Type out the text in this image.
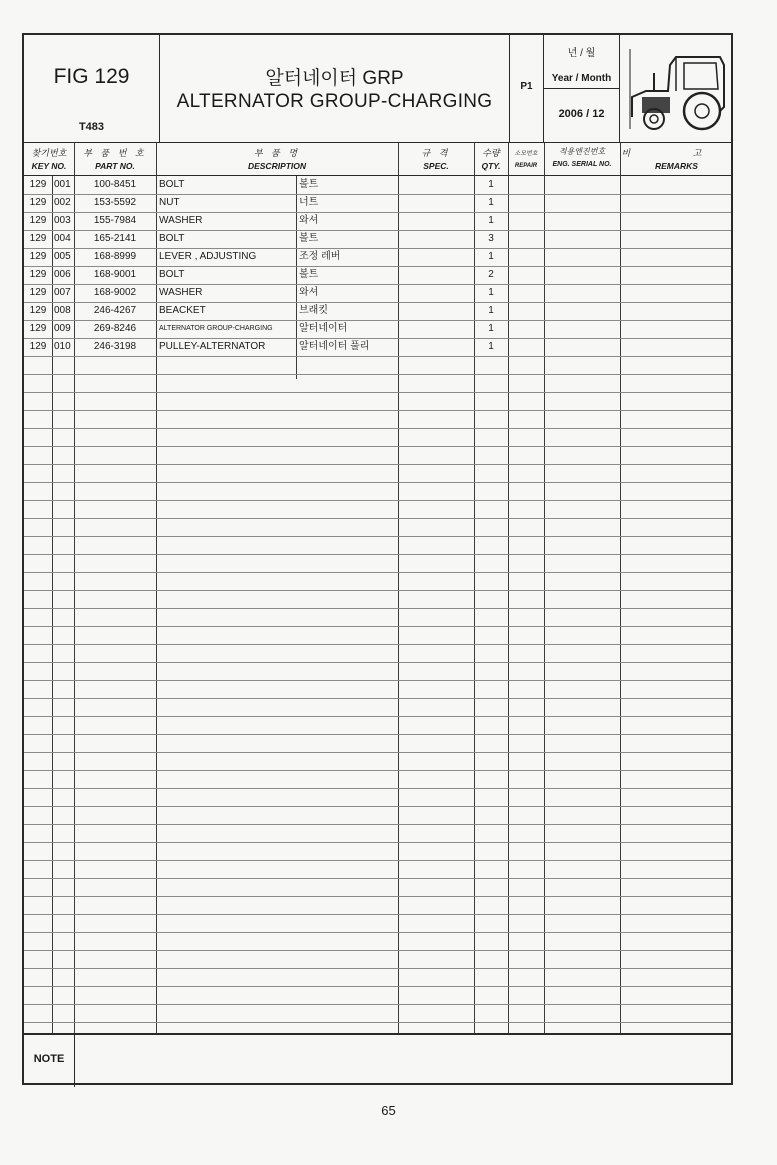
FIG 129
T483
알터네이터 GRP
ALTERNATOR GROUP-CHARGING
P1
년 / 월
Year / Month
2006 / 12
찾기번호
KEY NO.
부 품 번 호
PART NO.
부 품 명
DESCRIPTION
규 격
SPEC.
수량
QTY.
소모번호
REPAIR
적용엔진번호
ENG. SERIAL NO.
비 고
REMARKS
129 001	100-8451	BOLT	볼트	1
129 002	153-5592	NUT	너트	1
129 003	155-7984	WASHER	와셔	1
129 004	165-2141	BOLT	볼트	3
129 005	168-8999	LEVER , ADJUSTING	조정 레버	1
129 006	168-9001	BOLT	볼트	2
129 007	168-9002	WASHER	와셔	1
129 008	246-4267	BEACKET	브래킷	1
129 009	269-8246	ALTERNATOR GROUP-CHARGING	알터네이터	1
129 010	246-3198	PULLEY-ALTERNATOR	알터네이터 풀리	1
NOTE
65
